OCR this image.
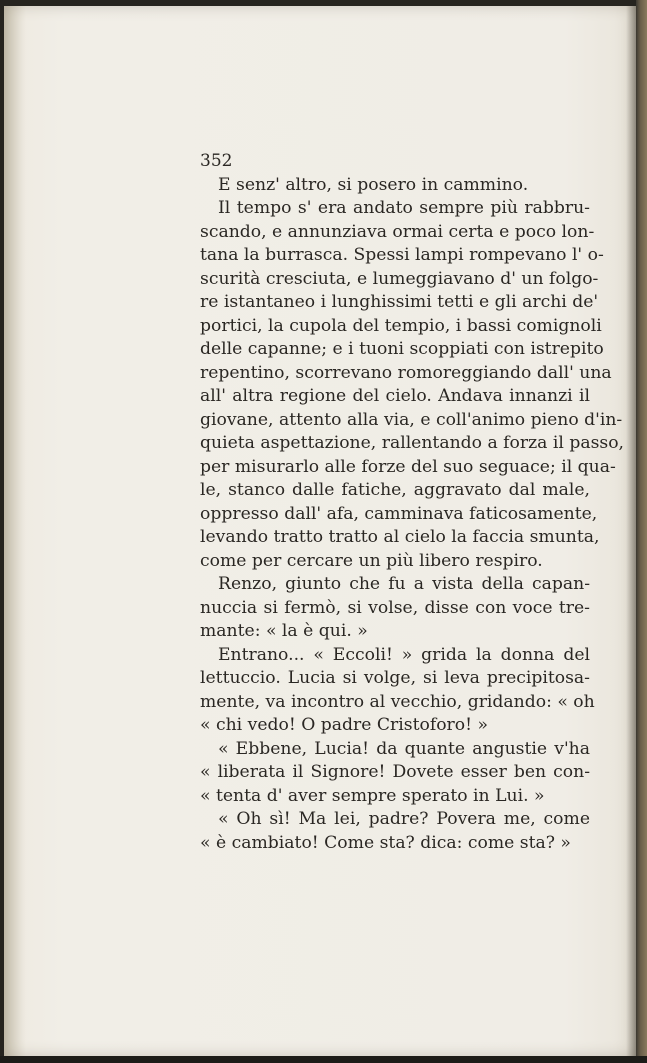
352
E senz' altro, si posero in cammino.
Il tempo s' era andato sempre più rabbru-
scando, e annunziava ormai certa e poco lon-
tana la burrasca. Spessi lampi rompevano l' o-
scurità cresciuta, e lumeggiavano d' un folgo-
re istantaneo i lunghissimi tetti e gli archi de'
portici, la cupola del tempio, i bassi comignoli
delle capanne; e i tuoni scoppiati con istrepito
repentino, scorrevano romoreggiando dall' una
all' altra regione del cielo. Andava innanzi il
giovane, attento alla via, e coll'animo pieno d'in-
quieta aspettazione, rallentando a forza il passo,
per misurarlo alle forze del suo seguace; il qua-
le, stanco dalle fatiche, aggravato dal male,
oppresso dall' afa, camminava faticosamente,
levando tratto tratto al cielo la faccia smunta,
come per cercare un più libero respiro.
Renzo, giunto che fu a vista della capan-
nuccia si fermò, si volse, disse con voce tre-
mante: « la è qui. »
Entrano... « Eccoli! » grida la donna del
lettuccio. Lucia si volge, si leva precipitosa-
mente, va incontro al vecchio, gridando: « oh
« chi vedo! O padre Cristoforo! »
« Ebbene, Lucia! da quante angustie v'ha
« liberata il Signore! Dovete esser ben con-
« tenta d' aver sempre sperato in Lui. »
« Oh sì! Ma lei, padre? Povera me, come
« è cambiato! Come sta? dica: come sta? »
